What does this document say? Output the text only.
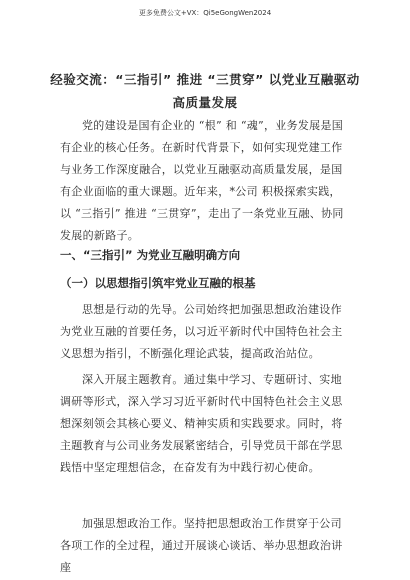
更多免费公文+VX：Qi5eGongWen2024
经验交流：“三指引” 推进 “三贯穿” 以党业互融驱动
高质量发展

党的建设是国有企业的 “根” 和 “魂”，业务发展是国有企业的核心任务。在新时代背景下，如何实现党建工作与业务工作深度融合，以党业互融驱动高质量发展，是国有企业面临的重大课题。近年来，*公司 积极探索实践，以 “三指引” 推进 “三贯穿”，走出了一条党业互融、协同发展的新路子。

一、“三指引” 为党业互融明确方向
（一）以思想指引筑牢党业互融的根基

思想是行动的先导。公司始终把加强思想政治建设作为党业互融的首要任务，以习近平新时代中国特色社会主义思想为指引，不断强化理论武装，提高政治站位。

深入开展主题教育。通过集中学习、专题研讨、实地调研等形式，深入学习习近平新时代中国特色社会主义思想深刻领会其核心要义、精神实质和实践要求。同时，将主题教育与公司业务发展紧密结合，引导党员干部在学思践悟中坚定理想信念，在奋发有为中践行初心使命。

加强思想政治工作。坚持把思想政治工作贯穿于公司各项工作的全过程，通过开展谈心谈话、举办思想政治讲座
